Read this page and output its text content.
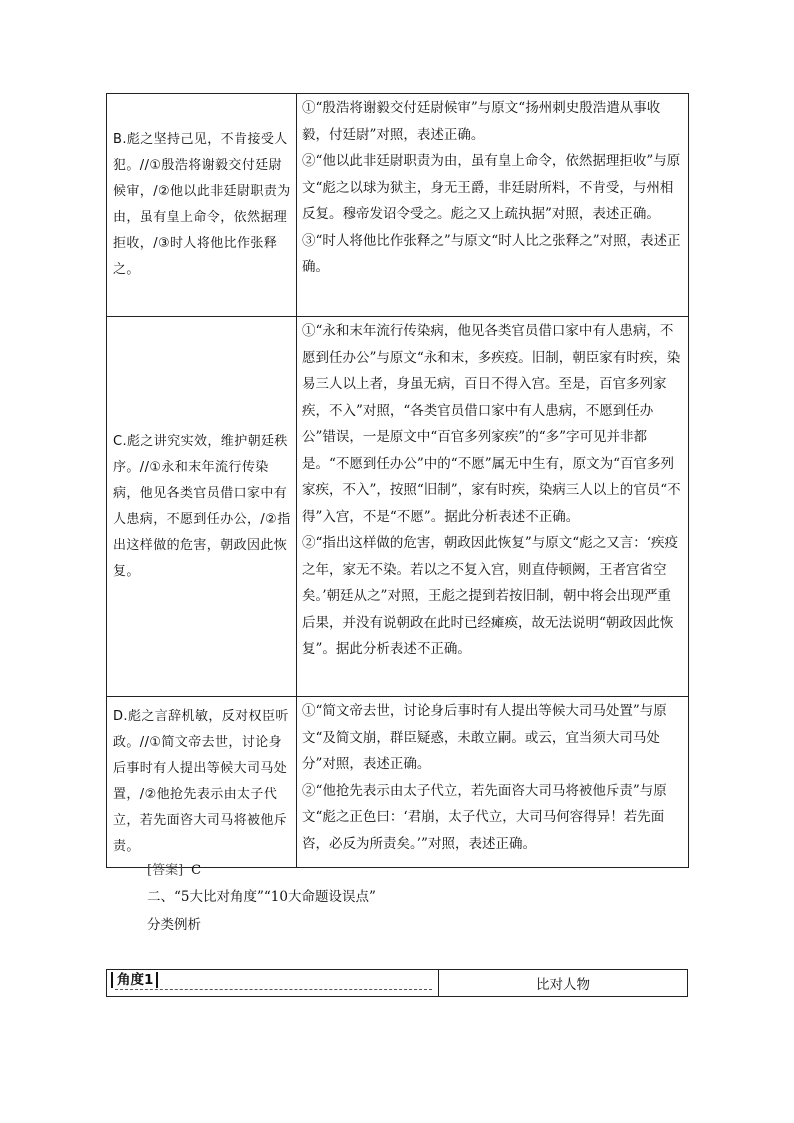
B.彪之坚持己见，不肯接受人犯。//①殷浩将谢毅交付廷尉候审，/②他以此非廷尉职责为由，虽有皇上命令，依然据理拒收，/③时人将他比作张释之。	①“殷浩将谢毅交付廷尉候审”与原文“扬州刺史殷浩遣从事收毅，付廷尉”对照，表述正确。
②“他以此非廷尉职责为由，虽有皇上命令，依然据理拒收”与原文“彪之以球为狱主，身无王爵，非廷尉所料，不肯受，与州相反复。穆帝发诏令受之。彪之又上疏执据”对照，表述正确。
③“时人将他比作张释之”与原文“时人比之张释之”对照，表述正确。

C.彪之讲究实效，维护朝廷秩序。//①永和末年流行传染病，他见各类官员借口家中有人患病，不愿到任办公，/②指出这样做的危害，朝政因此恢复。	①“永和末年流行传染病，他见各类官员借口家中有人患病，不愿到任办公”与原文“永和末，多疾疫。旧制，朝臣家有时疾，染易三人以上者，身虽无病，百日不得入宫。至是，百官多列家疾，不入”对照，“各类官员借口家中有人患病，不愿到任办公”错误，一是原文中“百官多列家疾”的“多”字可见并非都是。“不愿到任办公”中的“不愿”属无中生有，原文为“百官多列家疾，不入”，按照“旧制”，家有时疾，染病三人以上的官员“不得”入宫，不是“不愿”。据此分析表述不正确。
②“指出这样做的危害，朝政因此恢复”与原文“彪之又言：‘疾疫之年，家无不染。若以之不复入宫，则直侍顿阙，王者宫省空矣。’朝廷从之”对照，王彪之提到若按旧制，朝中将会出现严重后果，并没有说朝政在此时已经瘫痪，故无法说明“朝政因此恢复”。据此分析表述不正确。

D.彪之言辞机敏，反对权臣听政。//①简文帝去世，讨论身后事时有人提出等候大司马处置，/②他抢先表示由太子代立，若先面咨大司马将被他斥责。	①“简文帝去世，讨论身后事时有人提出等候大司马处置”与原文“及简文崩，群臣疑惑，未敢立嗣。或云，宜当须大司马处分”对照，表述正确。
②“他抢先表示由太子代立，若先面咨大司马将被他斥责”与原文“彪之正色曰：‘君崩，太子代立，大司马何容得异！若先面咨，必反为所责矣。’”对照，表述正确。
[答案] C
二、“5大比对角度”“10大命题设误点”
分类例析
角度1	比对人物
